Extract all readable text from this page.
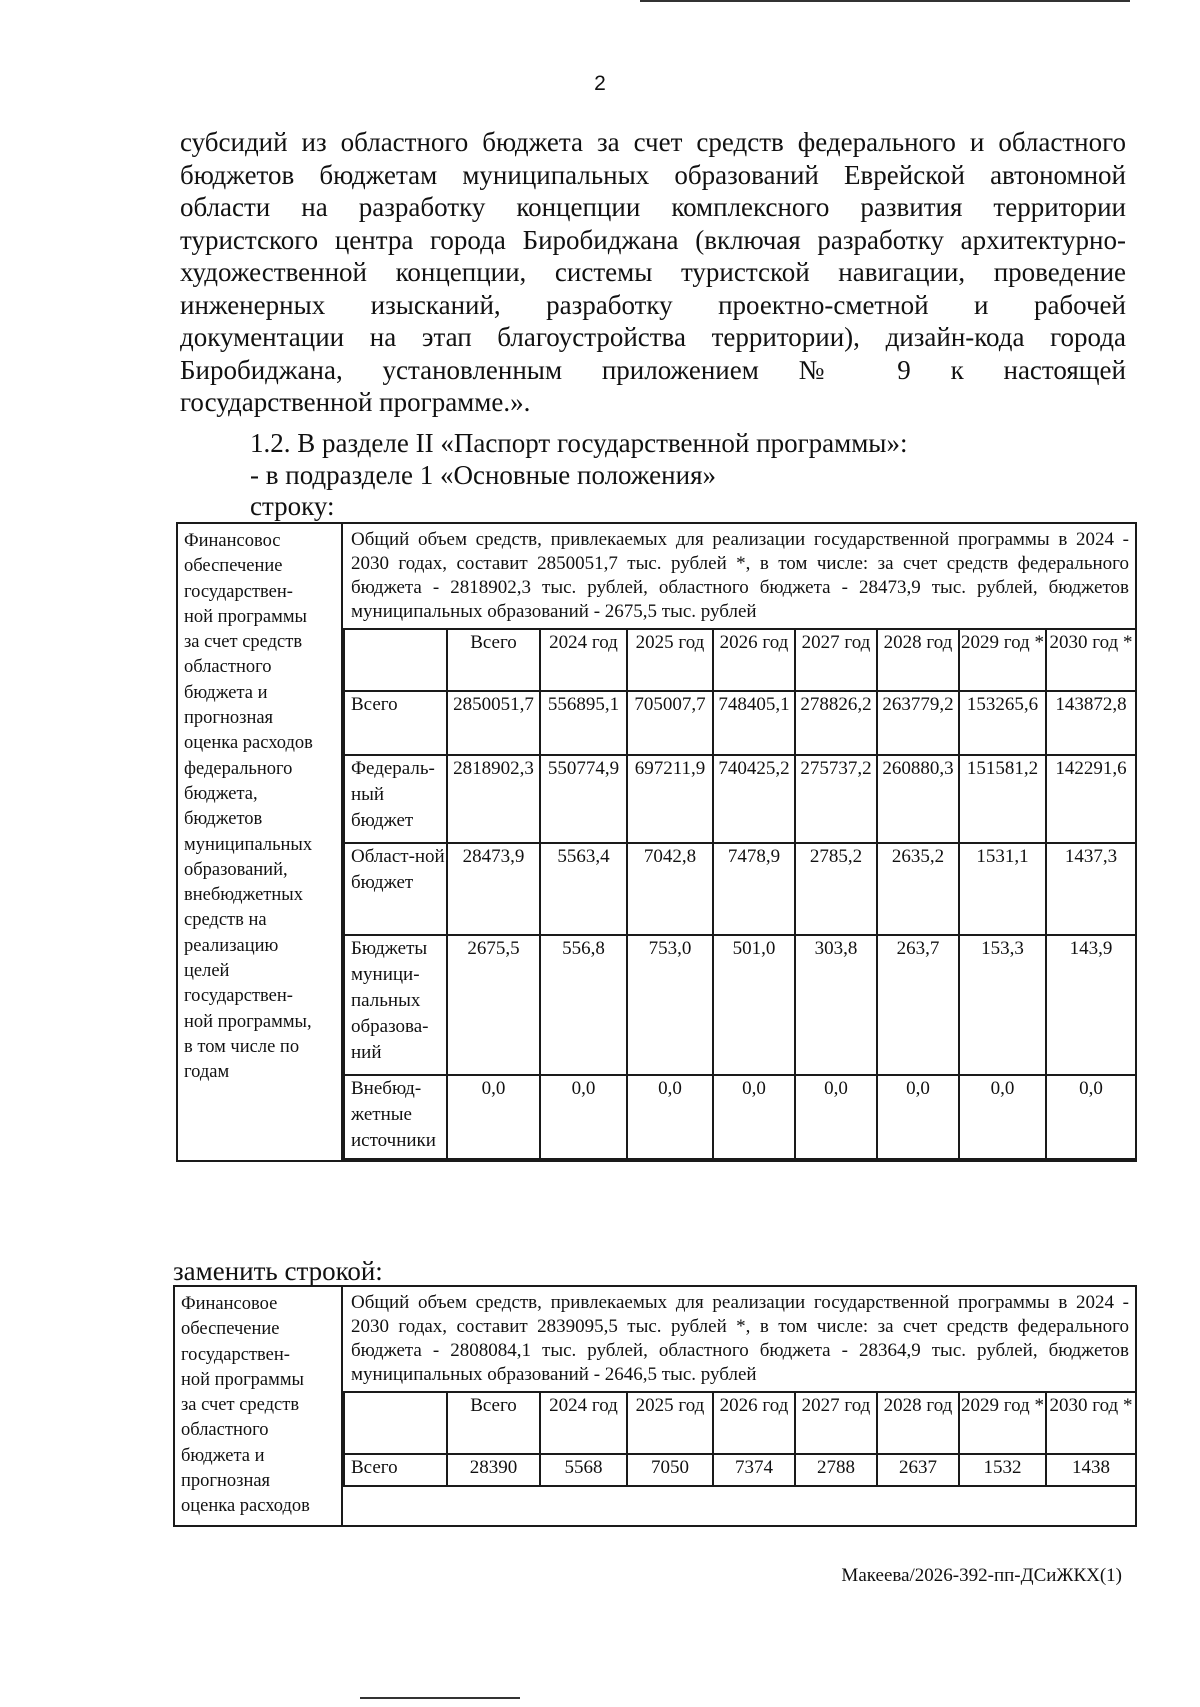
2
субсидий из областного бюджета за счет средств федерального и областного
бюджетов бюджетам муниципальных образований Еврейской автономной
области на разработку концепции комплексного развития территории
туристского центра города Биробиджана (включая разработку архитектурно-
художественной концепции, системы туристской навигации, проведение
инженерных изысканий, разработку проектно-сметной и рабочей
документации на этап благоустройства территории), дизайн-кода города
Биробиджана, установленным приложением № 9 к настоящей
государственной программе.».
1.2. В разделе II «Паспорт государственной программы»:
- в подразделе 1 «Основные положения»
строку:
Финансовос
обеспечение
государствен-
ной программы
за счет средств
областного
бюджета и
прогнозная
оценка расходов
федерального
бюджета,
бюджетов
муниципальных
образований,
внебюджетных
средств на
реализацию
целей
государствен-
ной программы,
в том числе по
годам

Общий объем средств, привлекаемых для реализации государственной программы в 2024 - 2030 годах, составит 2850051,7 тыс. рублей *, в том числе: за счет средств федерального бюджета - 2818902,3 тыс. рублей, областного бюджета - 28473,9 тыс. рублей, бюджетов муниципальных образований - 2675,5 тыс. рублей
	Всего	2024 год	2025 год	2026 год	2027 год	2028 год	2029 год *	2030 год *
Всего	2850051,7	556895,1	705007,7	748405,1	278826,2	263779,2	153265,6	143872,8
Федераль-ный бюджет	2818902,3	550774,9	697211,9	740425,2	275737,2	260880,3	151581,2	142291,6
Област-ной бюджет	28473,9	5563,4	7042,8	7478,9	2785,2	2635,2	1531,1	1437,3
Бюджеты муници-пальных образова-ний	2675,5	556,8	753,0	501,0	303,8	263,7	153,3	143,9
Внебюд-жетные источники	0,0	0,0	0,0	0,0	0,0	0,0	0,0	0,0
заменить строкой:
Финансовое
обеспечение
государствен-
ной программы
за счет средств
областного
бюджета и
прогнозная
оценка расходов

Общий объем средств, привлекаемых для реализации государственной программы в 2024 - 2030 годах, составит 2839095,5 тыс. рублей *, в том числе: за счет средств федерального бюджета - 2808084,1 тыс. рублей, областного бюджета - 28364,9 тыс. рублей, бюджетов муниципальных образований - 2646,5 тыс. рублей
	Всего	2024 год	2025 год	2026 год	2027 год	2028 год	2029 год *	2030 год *
Всего	28390	5568	7050	7374	2788	2637	1532	1438
Макеева/2026-392-пп-ДСиЖКХ(1)
